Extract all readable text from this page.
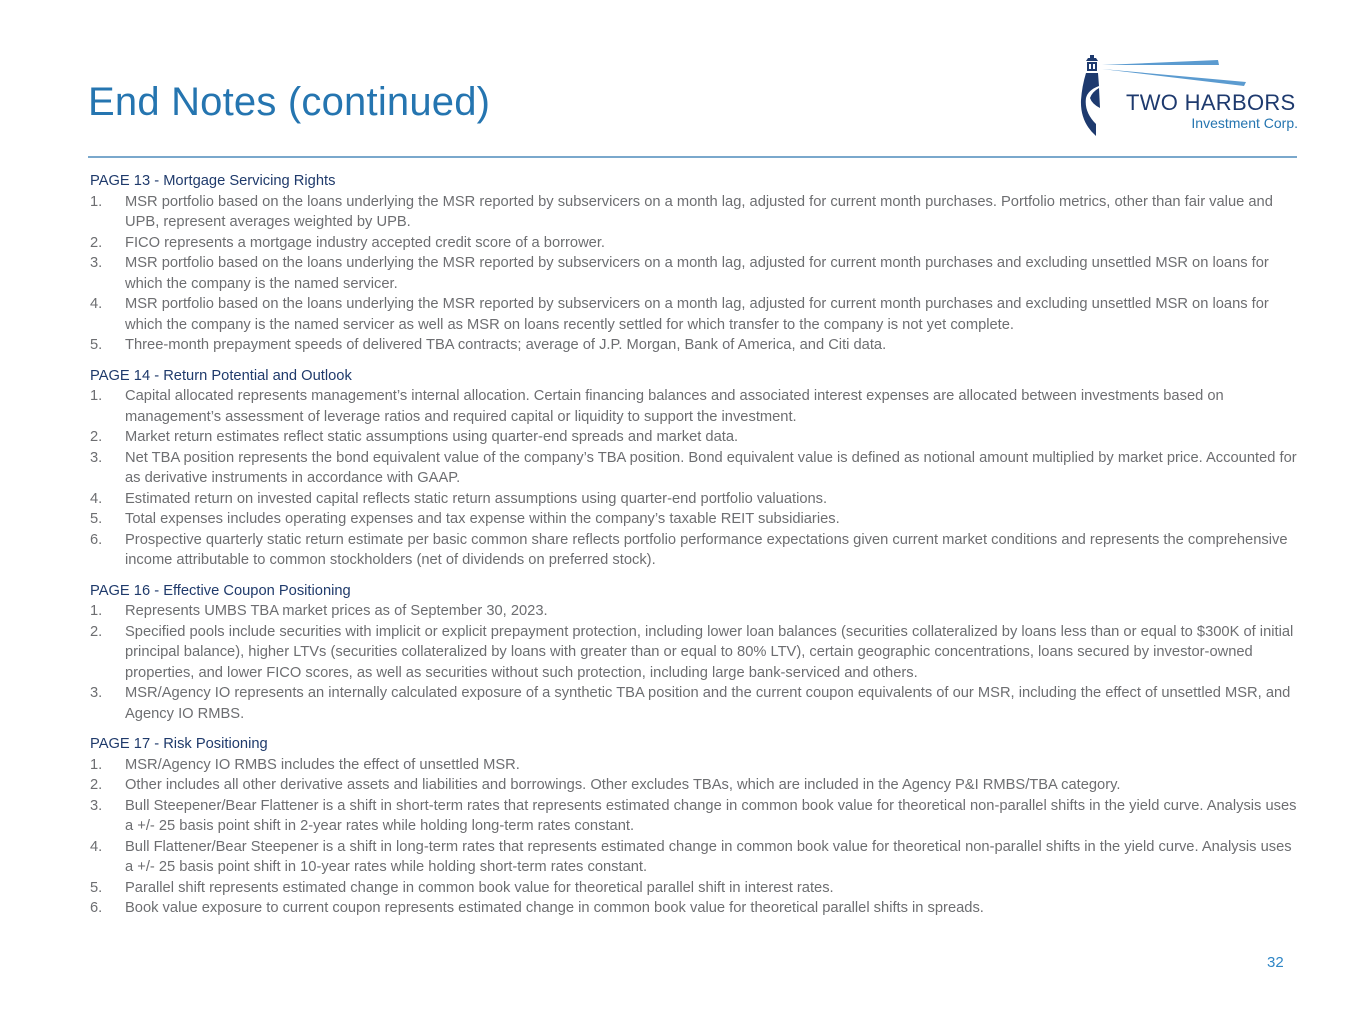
End Notes (continued)	TWO HARBORS
Investment Corp.
PAGE 13 - Mortgage Servicing Rights
1.	MSR portfolio based on the loans underlying the MSR reported by subservicers on a month lag, adjusted for current month purchases. Portfolio metrics, other than fair value and UPB, represent averages weighted by UPB.
2.	FICO represents a mortgage industry accepted credit score of a borrower.
3.	MSR portfolio based on the loans underlying the MSR reported by subservicers on a month lag, adjusted for current month purchases and excluding unsettled MSR on loans for which the company is the named servicer.
4.	MSR portfolio based on the loans underlying the MSR reported by subservicers on a month lag, adjusted for current month purchases and excluding unsettled MSR on loans for which the company is the named servicer as well as MSR on loans recently settled for which transfer to the company is not yet complete.
5.	Three-month prepayment speeds of delivered TBA contracts; average of J.P. Morgan, Bank of America, and Citi data.
PAGE 14 - Return Potential and Outlook
1.	Capital allocated represents management’s internal allocation. Certain financing balances and associated interest expenses are allocated between investments based on management’s assessment of leverage ratios and required capital or liquidity to support the investment.
2.	Market return estimates reflect static assumptions using quarter-end spreads and market data.
3.	Net TBA position represents the bond equivalent value of the company’s TBA position. Bond equivalent value is defined as notional amount multiplied by market price. Accounted for as derivative instruments in accordance with GAAP.
4.	Estimated return on invested capital reflects static return assumptions using quarter-end portfolio valuations.
5.	Total expenses includes operating expenses and tax expense within the company’s taxable REIT subsidiaries.
6.	Prospective quarterly static return estimate per basic common share reflects portfolio performance expectations given current market conditions and represents the comprehensive income attributable to common stockholders (net of dividends on preferred stock).
PAGE 16 - Effective Coupon Positioning
1.	Represents UMBS TBA market prices as of September 30, 2023.
2.	Specified pools include securities with implicit or explicit prepayment protection, including lower loan balances (securities collateralized by loans less than or equal to $300K of initial principal balance), higher LTVs (securities collateralized by loans with greater than or equal to 80% LTV), certain geographic concentrations, loans secured by investor-owned properties, and lower FICO scores, as well as securities without such protection, including large bank-serviced and others.
3.	MSR/Agency IO represents an internally calculated exposure of a synthetic TBA position and the current coupon equivalents of our MSR, including the effect of unsettled MSR, and Agency IO RMBS.
PAGE 17 - Risk Positioning
1.	MSR/Agency IO RMBS includes the effect of unsettled MSR.
2.	Other includes all other derivative assets and liabilities and borrowings. Other excludes TBAs, which are included in the Agency P&I RMBS/TBA category.
3.	Bull Steepener/Bear Flattener is a shift in short-term rates that represents estimated change in common book value for theoretical non-parallel shifts in the yield curve. Analysis uses a +/- 25 basis point shift in 2-year rates while holding long-term rates constant.
4.	Bull Flattener/Bear Steepener is a shift in long-term rates that represents estimated change in common book value for theoretical non-parallel shifts in the yield curve. Analysis uses a +/- 25 basis point shift in 10-year rates while holding short-term rates constant.
5.	Parallel shift represents estimated change in common book value for theoretical parallel shift in interest rates.
6.	Book value exposure to current coupon represents estimated change in common book value for theoretical parallel shifts in spreads.
32
